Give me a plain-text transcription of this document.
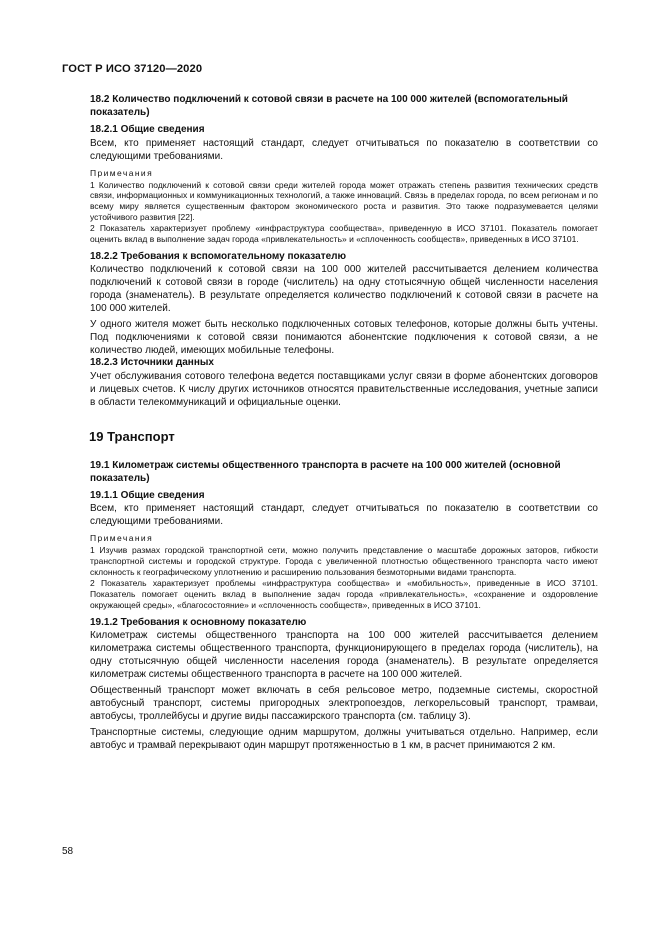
ГОСТ Р ИСО 37120—2020
18.2 Количество подключений к сотовой связи в расчете на 100 000 жителей (вспомогательный показатель)
18.2.1 Общие сведения

Всем, кто применяет настоящий стандарт, следует отчитываться по показателю в соответствии со следующими требованиями.

Примечания

1 Количество подключений к сотовой связи среди жителей города может отражать степень развития технических средств связи, информационных и коммуникационных технологий, а также инноваций. Связь в пределах города, по всем регионам и по всему миру является существенным фактором экономического роста и развития. Это также подразумевается целями устойчивого развития [22].

2 Показатель характеризует проблему «инфраструктура сообщества», приведенную в ИСО 37101. Показатель помогает оценить вклад в выполнение задач города «привлекательность» и «сплоченность сообществ», приведенных в ИСО 37101.

18.2.2 Требования к вспомогательному показателю

Количество подключений к сотовой связи на 100 000 жителей рассчитывается делением количества подключений к сотовой связи в городе (числитель) на одну стотысячную общей численности населения города (знаменатель). В результате определяется количество подключений к сотовой связи в расчете на 100 000 жителей.

У одного жителя может быть несколько подключенных сотовых телефонов, которые должны быть учтены. Под подключениями к сотовой связи понимаются абонентские подключения к сотовой связи, а не количество людей, имеющих мобильные телефоны.

18.2.3 Источники данных

Учет обслуживания сотового телефона ведется поставщиками услуг связи в форме абонентских договоров и лицевых счетов. К числу других источников относятся правительственные исследования, учетные записи в области телекоммуникаций и официальные оценки.

19 Транспорт
19.1 Километраж системы общественного транспорта в расчете на 100 000 жителей (основной показатель)
19.1.1 Общие сведения

Всем, кто применяет настоящий стандарт, следует отчитываться по показателю в соответствии со следующими требованиями.

Примечания

1 Изучив размах городской транспортной сети, можно получить представление о масштабе дорожных заторов, гибкости транспортной системы и городской структуре. Города с увеличенной плотностью общественного транспорта часто имеют склонность к географическому уплотнению и расширению пользования безмоторными видами транспорта.

2 Показатель характеризует проблемы «инфраструктура сообщества» и «мобильность», приведенные в ИСО 37101. Показатель помогает оценить вклад в выполнение задач города «привлекательность», «сохранение и оздоровление окружающей среды», «благосостояние» и «сплоченность сообществ», приведенных в ИСО 37101.

19.1.2 Требования к основному показателю

Километраж системы общественного транспорта на 100 000 жителей рассчитывается делением километража системы общественного транспорта, функционирующего в пределах города (числитель), на одну стотысячную общей численности населения города (знаменатель). В результате определяется километраж системы общественного транспорта в расчете на 100 000 жителей.

Общественный транспорт может включать в себя рельсовое метро, подземные системы, скоростной автобусный транспорт, системы пригородных электропоездов, легкорельсовый транспорт, трамваи, автобусы, троллейбусы и другие виды пассажирского транспорта (см. таблицу 3).

Транспортные системы, следующие одним маршрутом, должны учитываться отдельно. Например, если автобус и трамвай перекрывают один маршрут протяженностью в 1 км, в расчет принимаются 2 км.

58
